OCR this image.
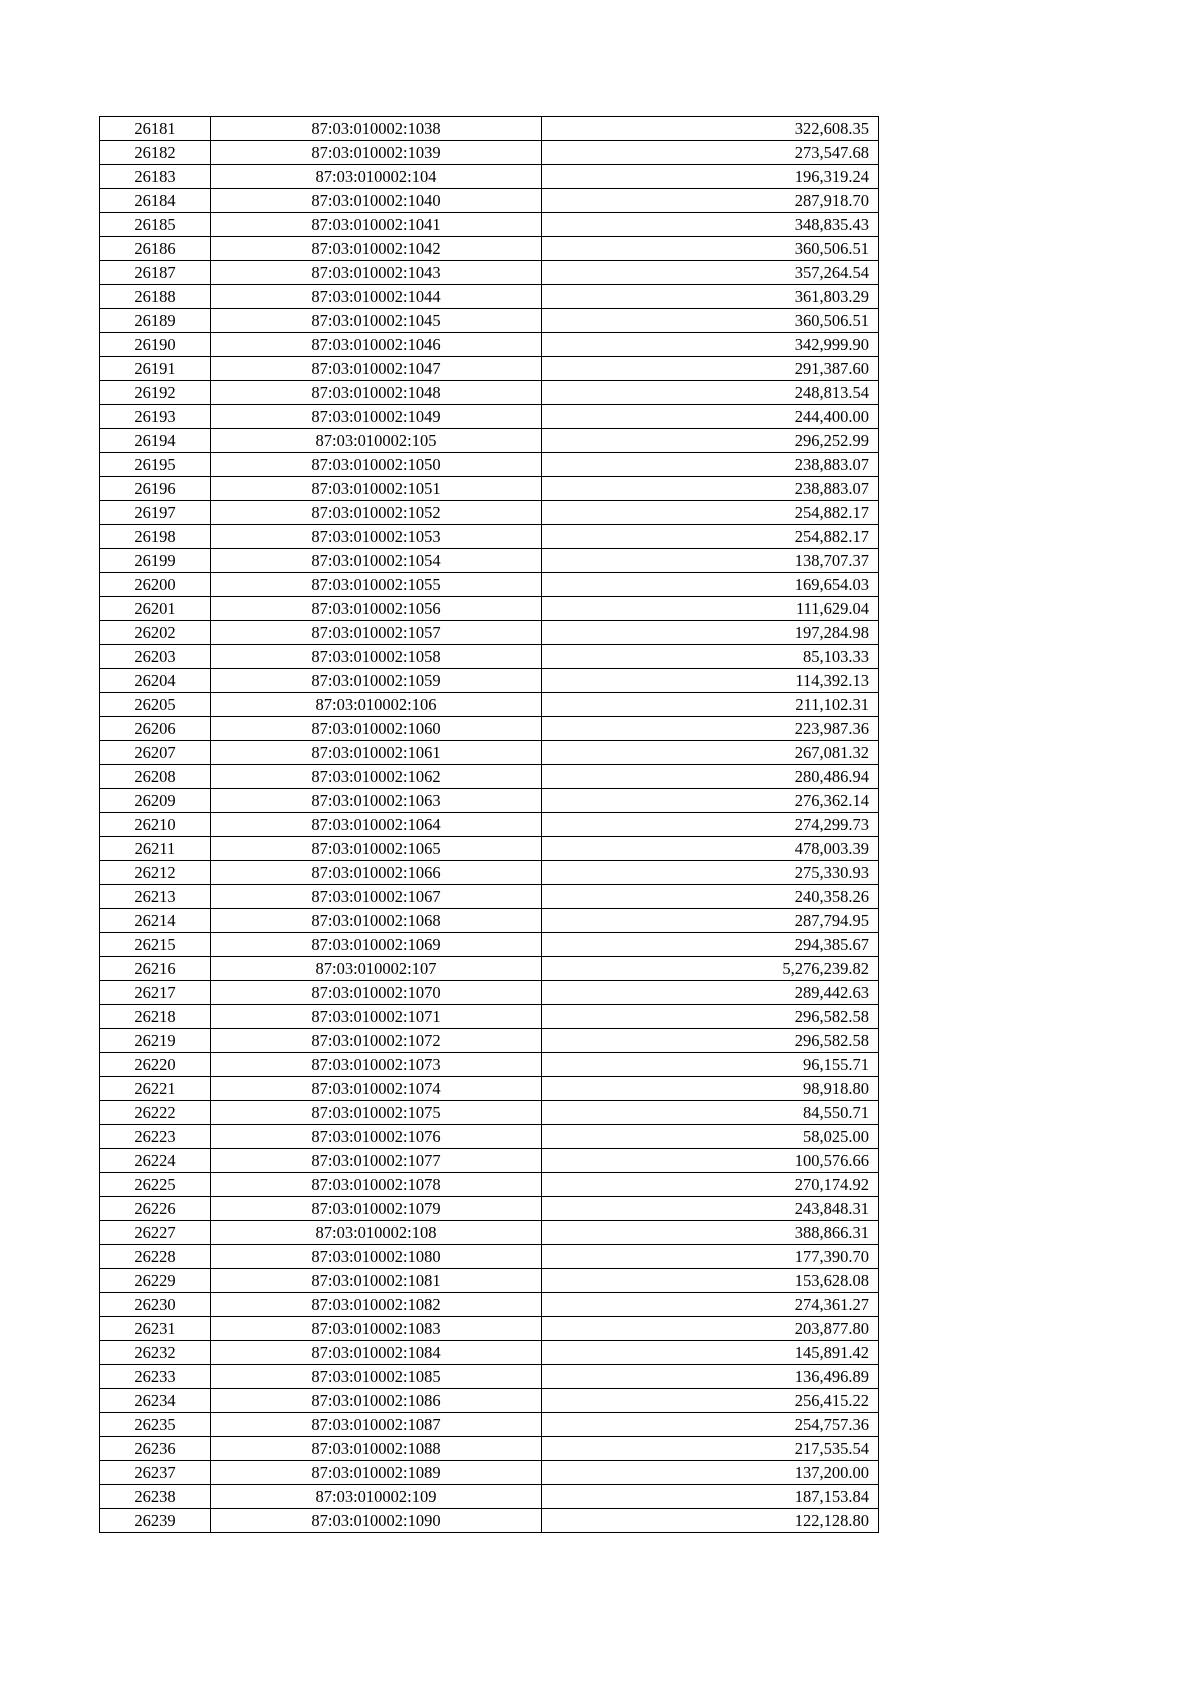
26181	87:03:010002:1038	322,608.35
26182	87:03:010002:1039	273,547.68
26183	87:03:010002:104	196,319.24
26184	87:03:010002:1040	287,918.70
26185	87:03:010002:1041	348,835.43
26186	87:03:010002:1042	360,506.51
26187	87:03:010002:1043	357,264.54
26188	87:03:010002:1044	361,803.29
26189	87:03:010002:1045	360,506.51
26190	87:03:010002:1046	342,999.90
26191	87:03:010002:1047	291,387.60
26192	87:03:010002:1048	248,813.54
26193	87:03:010002:1049	244,400.00
26194	87:03:010002:105	296,252.99
26195	87:03:010002:1050	238,883.07
26196	87:03:010002:1051	238,883.07
26197	87:03:010002:1052	254,882.17
26198	87:03:010002:1053	254,882.17
26199	87:03:010002:1054	138,707.37
26200	87:03:010002:1055	169,654.03
26201	87:03:010002:1056	111,629.04
26202	87:03:010002:1057	197,284.98
26203	87:03:010002:1058	85,103.33
26204	87:03:010002:1059	114,392.13
26205	87:03:010002:106	211,102.31
26206	87:03:010002:1060	223,987.36
26207	87:03:010002:1061	267,081.32
26208	87:03:010002:1062	280,486.94
26209	87:03:010002:1063	276,362.14
26210	87:03:010002:1064	274,299.73
26211	87:03:010002:1065	478,003.39
26212	87:03:010002:1066	275,330.93
26213	87:03:010002:1067	240,358.26
26214	87:03:010002:1068	287,794.95
26215	87:03:010002:1069	294,385.67
26216	87:03:010002:107	5,276,239.82
26217	87:03:010002:1070	289,442.63
26218	87:03:010002:1071	296,582.58
26219	87:03:010002:1072	296,582.58
26220	87:03:010002:1073	96,155.71
26221	87:03:010002:1074	98,918.80
26222	87:03:010002:1075	84,550.71
26223	87:03:010002:1076	58,025.00
26224	87:03:010002:1077	100,576.66
26225	87:03:010002:1078	270,174.92
26226	87:03:010002:1079	243,848.31
26227	87:03:010002:108	388,866.31
26228	87:03:010002:1080	177,390.70
26229	87:03:010002:1081	153,628.08
26230	87:03:010002:1082	274,361.27
26231	87:03:010002:1083	203,877.80
26232	87:03:010002:1084	145,891.42
26233	87:03:010002:1085	136,496.89
26234	87:03:010002:1086	256,415.22
26235	87:03:010002:1087	254,757.36
26236	87:03:010002:1088	217,535.54
26237	87:03:010002:1089	137,200.00
26238	87:03:010002:109	187,153.84
26239	87:03:010002:1090	122,128.80
